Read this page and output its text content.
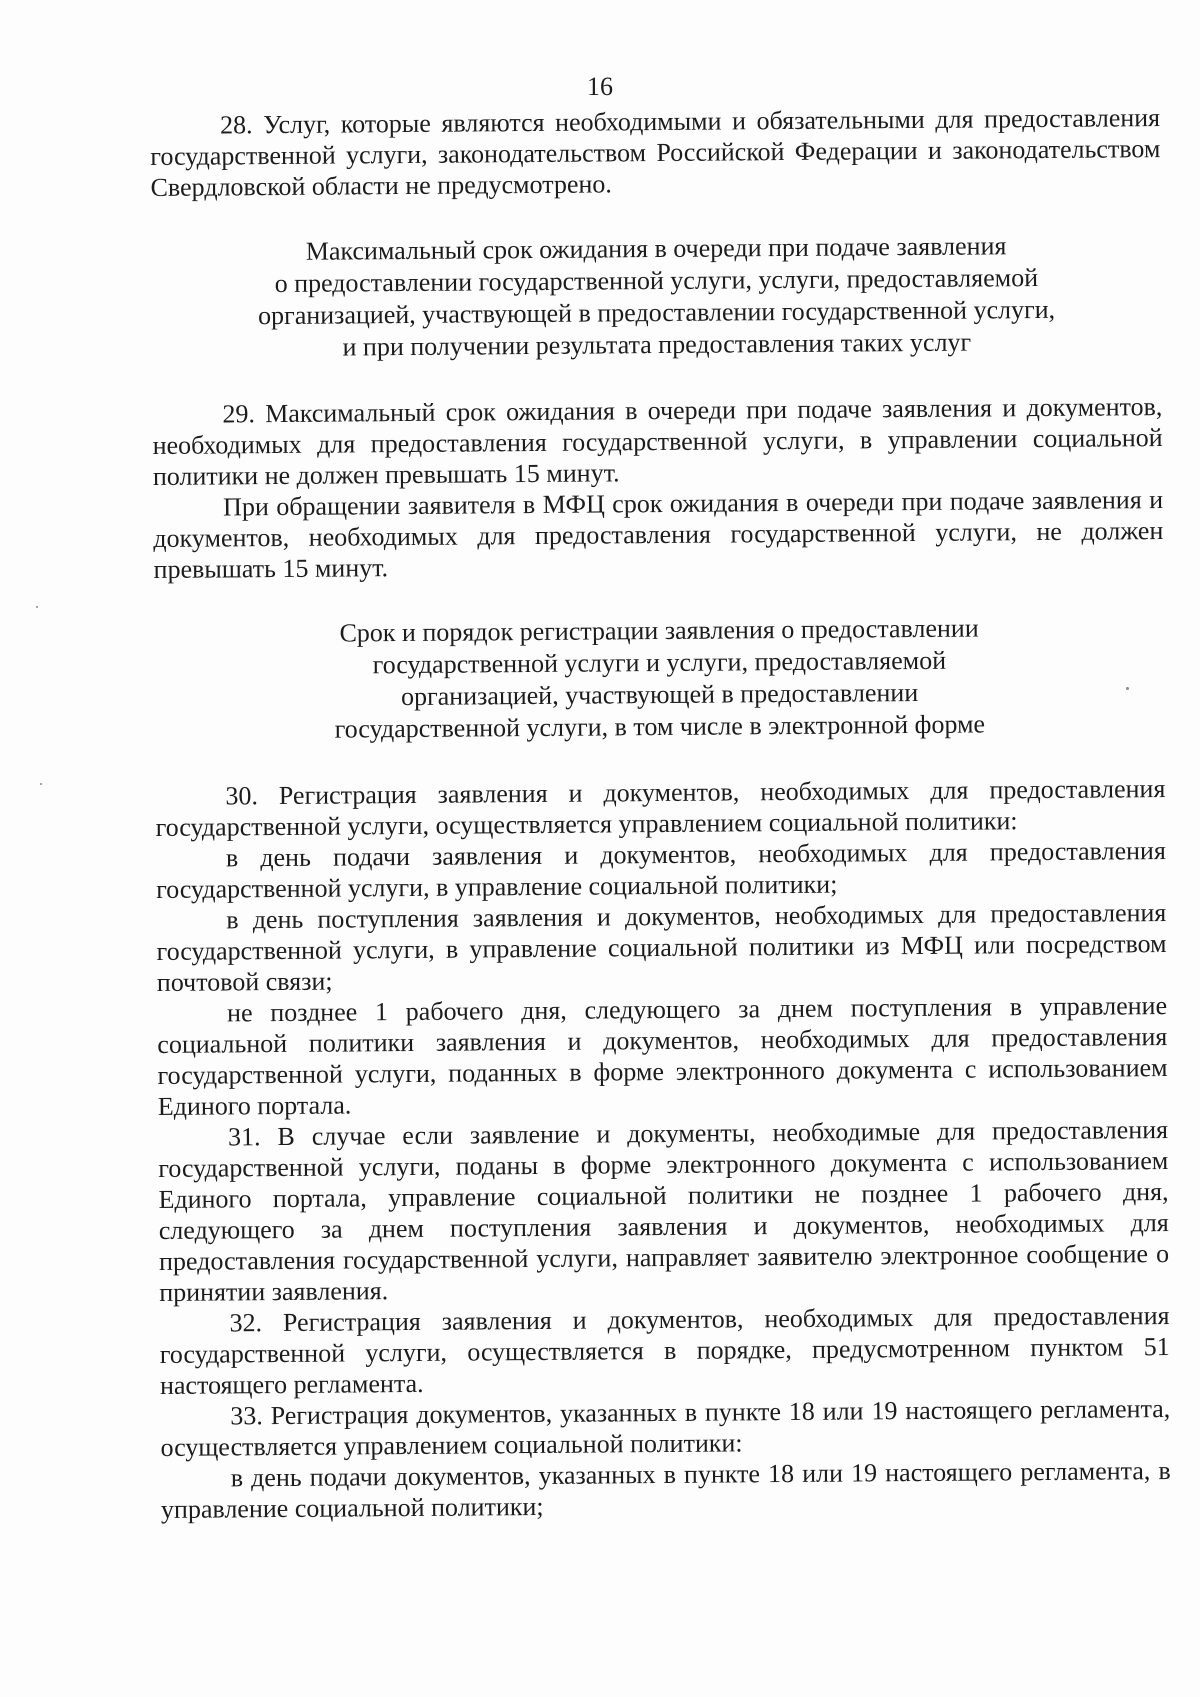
16

28. Услуг, которые являются необходимыми и обязательными для предоставления государственной услуги, законодательством Российской Федерации и законодательством Свердловской области не предусмотрено.

Максимальный срок ожидания в очереди при подаче заявления
о предоставлении государственной услуги, услуги, предоставляемой
организацией, участвующей в предоставлении государственной услуги,
и при получении результата предоставления таких услуг

29. Максимальный срок ожидания в очереди при подаче заявления и документов, необходимых для предоставления государственной услуги, в управлении социальной политики не должен превышать 15 минут.

При обращении заявителя в МФЦ срок ожидания в очереди при подаче заявления и документов, необходимых для предоставления государственной услуги, не должен превышать 15 минут.

Срок и порядок регистрации заявления о предоставлении
государственной услуги и услуги, предоставляемой
организацией, участвующей в предоставлении
государственной услуги, в том числе в электронной форме

30. Регистрация заявления и документов, необходимых для предоставления государственной услуги, осуществляется управлением социальной политики:

в день подачи заявления и документов, необходимых для предоставления государственной услуги, в управление социальной политики;

в день поступления заявления и документов, необходимых для предоставления государственной услуги, в управление социальной политики из МФЦ или посредством почтовой связи;

не позднее 1 рабочего дня, следующего за днем поступления в управление социальной политики заявления и документов, необходимых для предоставления государственной услуги, поданных в форме электронного документа с использованием Единого портала.

31. В случае если заявление и документы, необходимые для предоставления государственной услуги, поданы в форме электронного документа с использованием Единого портала, управление социальной политики не позднее 1 рабочего дня, следующего за днем поступления заявления и документов, необходимых для предоставления государственной услуги, направляет заявителю электронное сообщение о принятии заявления.

32. Регистрация заявления и документов, необходимых для предоставления государственной услуги, осуществляется в порядке, предусмотренном пунктом 51 настоящего регламента.

33. Регистрация документов, указанных в пункте 18 или 19 настоящего регламента, осуществляется управлением социальной политики:

в день подачи документов, указанных в пункте 18 или 19 настоящего регламента, в управление социальной политики;
